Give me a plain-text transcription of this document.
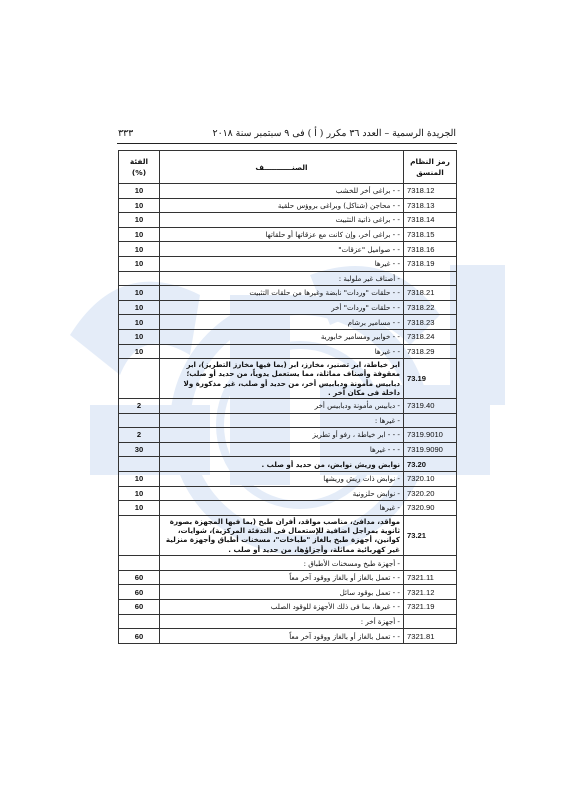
الجريدة الرسمية – العدد ٣٦ مكرر ( أ ) فى ٩ سبتمبر سنة ٢٠١٨
٣٣٣
رمز النظام المنسق	الصنـــــــــــف	الفئة (%)
7318.12	- - براغى أخر للخشب	10
7318.13	- - محاجن (شناكل) وبراغى بروؤس حلقية	10
7318.14	- - براغى ذاتية التثبيت	10
7318.15	- - براغى أخر، وإن كانت مع عزقاتها أو حلقاتها	10
7318.16	- - صواميل "عزقات"	10
7318.19	- - غيرها	10
	- أصناف غير ملولبة :	
7318.21	- - حلقات "وردات" نابضة وغيرها من حلقات التثبيت	10
7318.22	- - حلقات "وردات" أخر	10
7318.23	- - مسامير برشام	10
7318.24	- - خوابير ومسامير خابورية	10
7318.29	- - غيرها	10
73.19	ابر خياطة، ابر تصنير، مخارز، ابر (بما فيها مخارز التطريز)، ابر معقوفة وأصناف مماثلة، مما يستعمل يدوياً، من حديد أو صلب؛ دبابيس مأمونة ودبابيس أخر، من حديد أو صلب، غير مذكورة ولا داخلة فى مكان آخر .	
7319.40	- دبابيس مأمونة ودبابيس أخر	2
	- غيرها :	
7319.9010	- - - ابر خياطة ، رفو أو تطريز	2
7319.9090	- - - غيرها	30
73.20	نوابض وريش نوابض، من حديد أو صلب .	
7320.10	- نوابض ذات ريش وريشها	10
7320.20	- نوابض حلزونية	10
7320.90	- غيرها	10
73.21	مواقد، مدافئ، مناصب مواقد، أفران طبخ (بما فيها المجهزة بصورة ثانوية بمراجل اضافية للإستعمال فى التدفئة المركزية)، شوايات، كوانين، أجهزة طبخ بالغاز "طباخات"، مسخنات أطباق وأجهزة منزلية غير كهربائية مماثلة، وأجزاؤها، من حديد أو صلب .	
	- أجهزة طبخ ومسخنات الأطباق :	
7321.11	- - تعمل بالغاز أو بالغاز ووقود آخر معاً	60
7321.12	- - تعمل بوقود سائل	60
7321.19	- - غيرها، بما فى ذلك الأجهزة للوقود الصلب	60
	- أجهزة أخر :	
7321.81	- - تعمل بالغاز أو بالغاز ووقود آخر معاً	60
